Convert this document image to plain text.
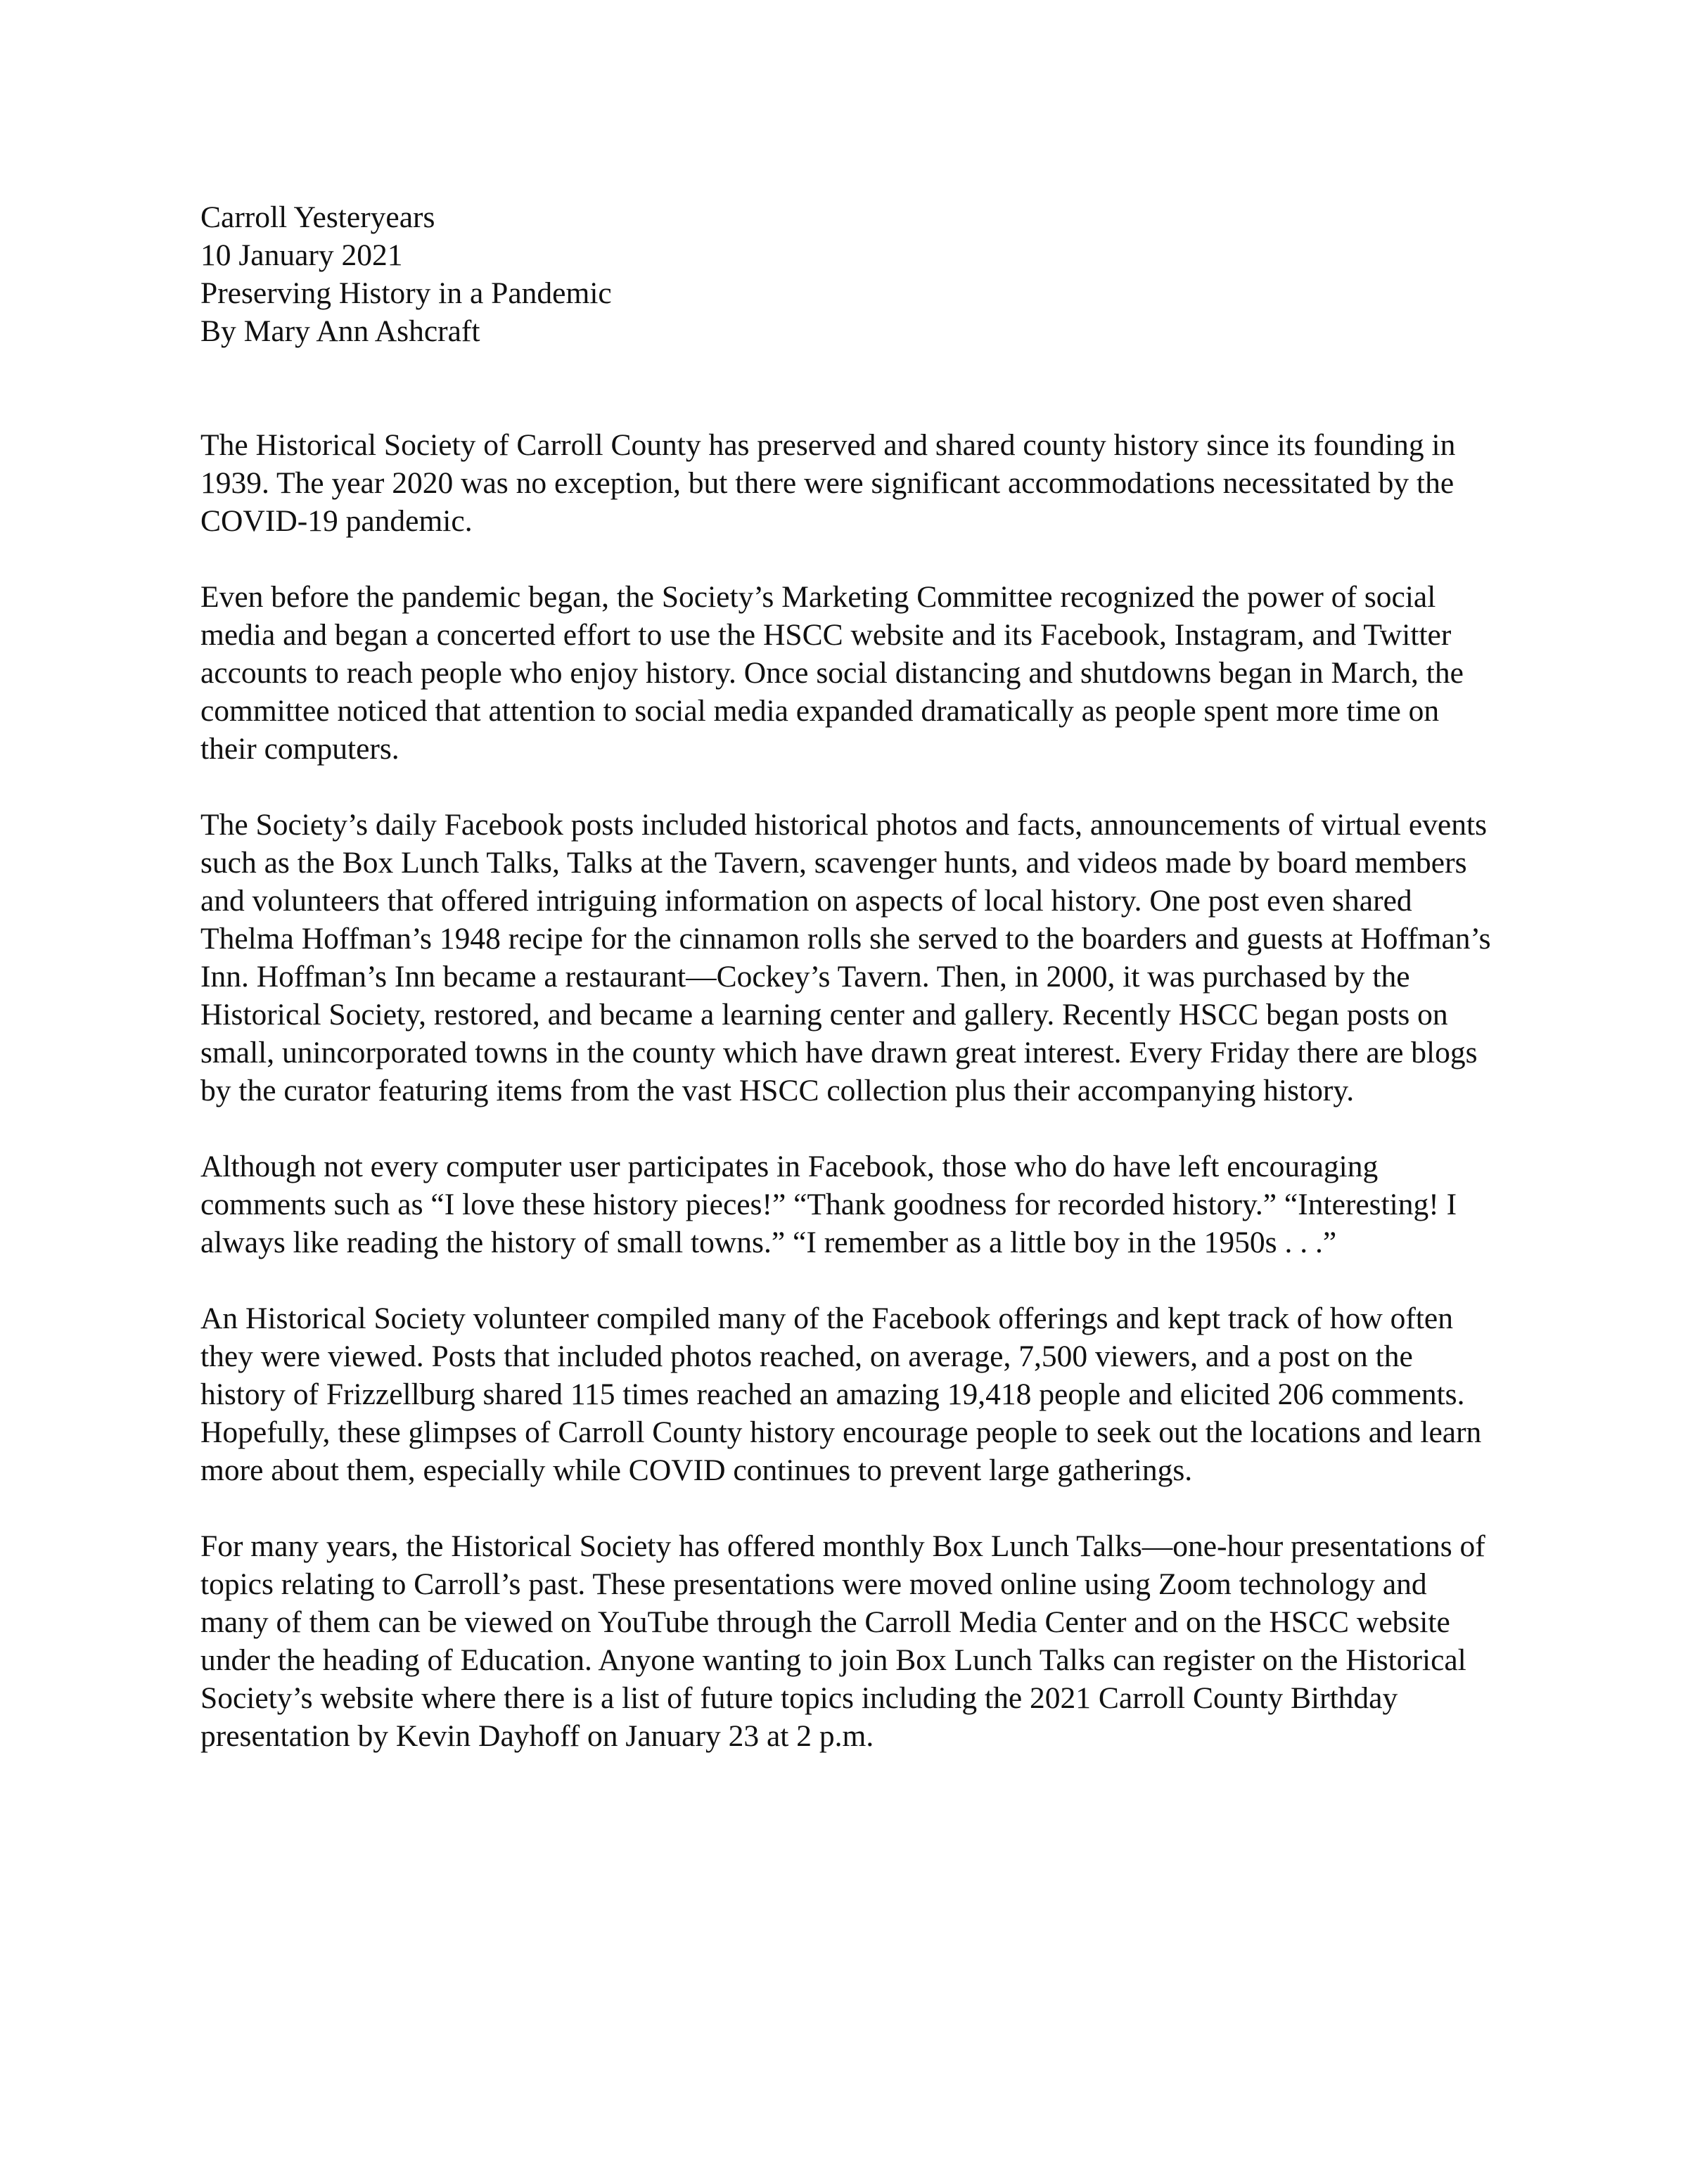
Carroll Yesteryears
10 January 2021
Preserving History in a Pandemic
By Mary Ann Ashcraft

The Historical Society of Carroll County has preserved and shared county history since its founding in 1939. The year 2020 was no exception, but there were significant accommodations necessitated by the COVID-19 pandemic.

Even before the pandemic began, the Society’s Marketing Committee recognized the power of social media and began a concerted effort to use the HSCC website and its Facebook, Instagram, and Twitter accounts to reach people who enjoy history. Once social distancing and shutdowns began in March, the committee noticed that attention to social media expanded dramatically as people spent more time on their computers.

The Society’s daily Facebook posts included historical photos and facts, announcements of virtual events such as the Box Lunch Talks, Talks at the Tavern, scavenger hunts, and videos made by board members and volunteers that offered intriguing information on aspects of local history. One post even shared Thelma Hoffman’s 1948 recipe for the cinnamon rolls she served to the boarders and guests at Hoffman’s Inn. Hoffman’s Inn became a restaurant—Cockey’s Tavern. Then, in 2000, it was purchased by the Historical Society, restored, and became a learning center and gallery. Recently HSCC began posts on small, unincorporated towns in the county which have drawn great interest. Every Friday there are blogs by the curator featuring items from the vast HSCC collection plus their accompanying history.

Although not every computer user participates in Facebook, those who do have left encouraging comments such as “I love these history pieces!” “Thank goodness for recorded history.” “Interesting! I always like reading the history of small towns.” “I remember as a little boy in the 1950s . . .”

An Historical Society volunteer compiled many of the Facebook offerings and kept track of how often they were viewed. Posts that included photos reached, on average, 7,500 viewers, and a post on the history of Frizzellburg shared 115 times reached an amazing 19,418 people and elicited 206 comments. Hopefully, these glimpses of Carroll County history encourage people to seek out the locations and learn more about them, especially while COVID continues to prevent large gatherings.

For many years, the Historical Society has offered monthly Box Lunch Talks—one-hour presentations of topics relating to Carroll’s past. These presentations were moved online using Zoom technology and many of them can be viewed on YouTube through the Carroll Media Center and on the HSCC website under the heading of Education. Anyone wanting to join Box Lunch Talks can register on the Historical Society’s website where there is a list of future topics including the 2021 Carroll County Birthday presentation by Kevin Dayhoff on January 23 at 2 p.m.
